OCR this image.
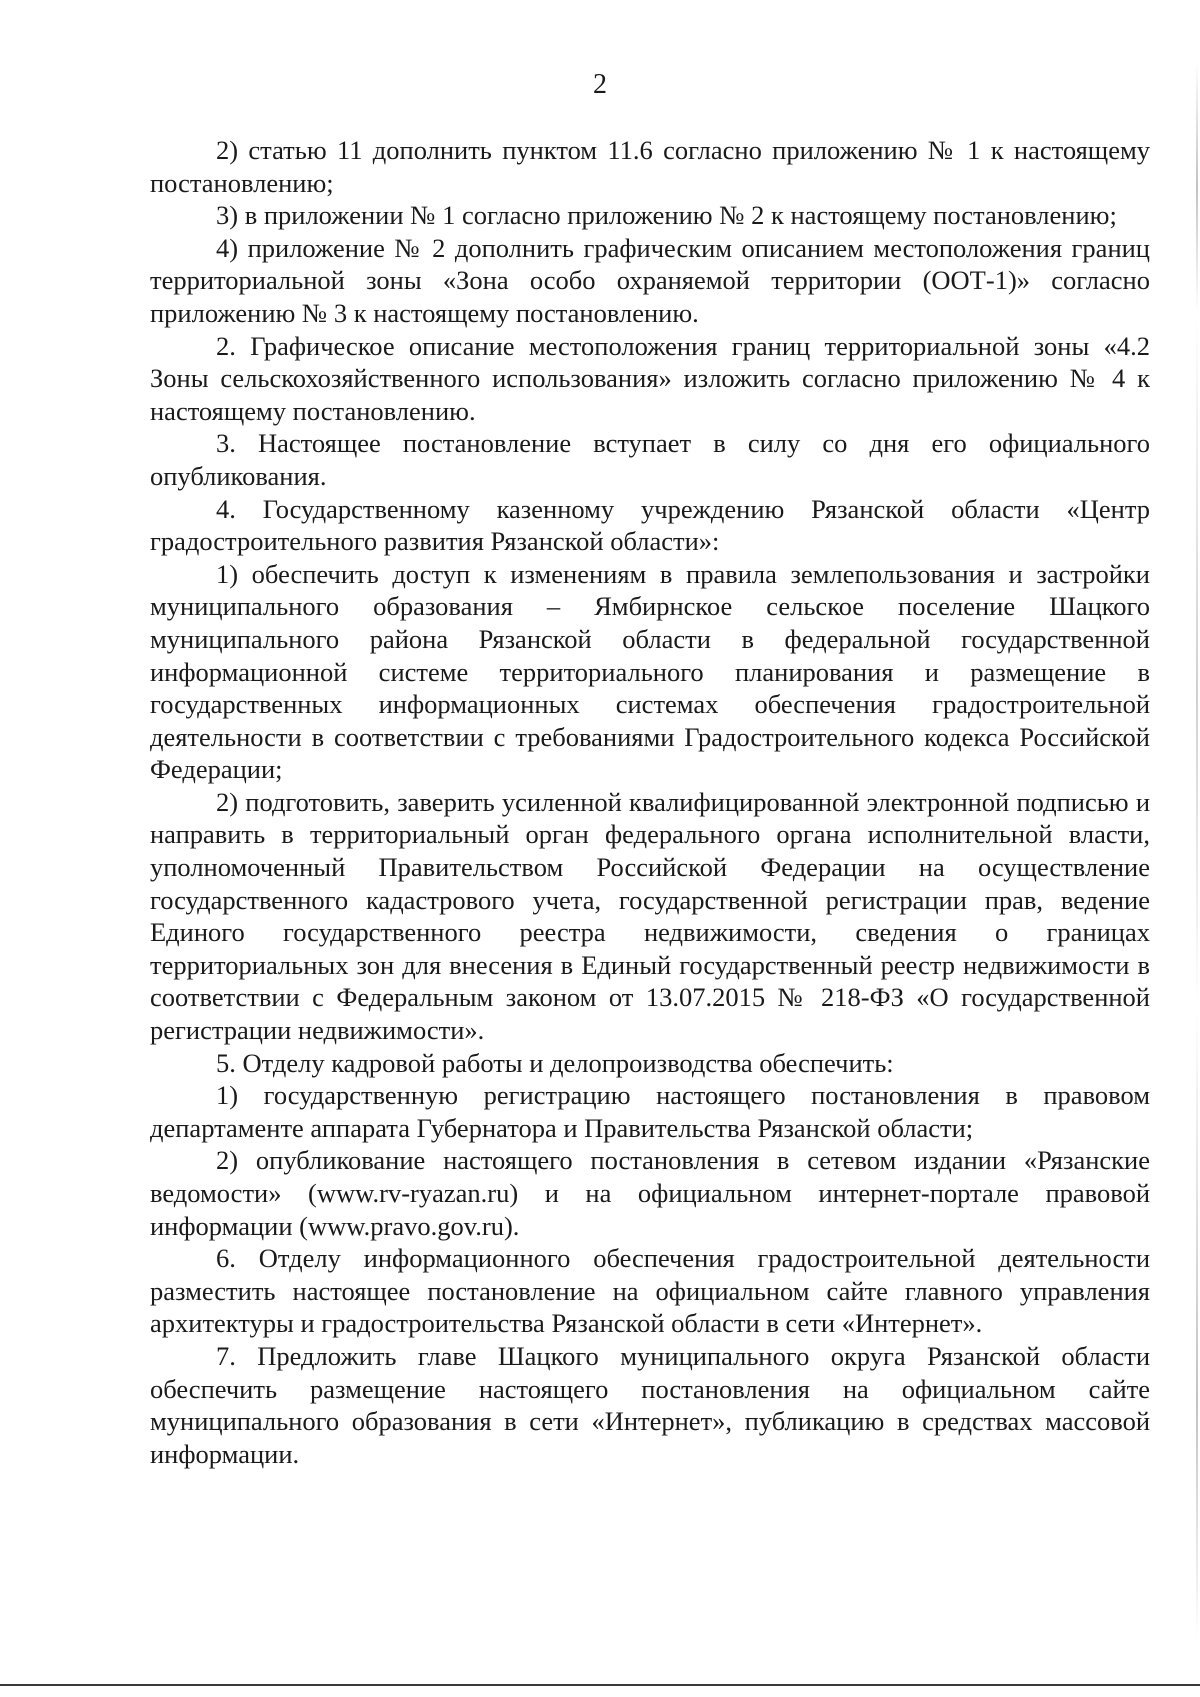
2

2) статью 11 дополнить пунктом 11.6 согласно приложению № 1 к настоящему постановлению;

3) в приложении № 1 согласно приложению № 2 к настоящему постановлению;

4) приложение № 2 дополнить графическим описанием местоположения границ территориальной зоны «Зона особо охраняемой территории (ООТ-1)» согласно приложению № 3 к настоящему постановлению.

2. Графическое описание местоположения границ территориальной зоны «4.2 Зоны сельскохозяйственного использования» изложить согласно приложению № 4 к настоящему постановлению.

3. Настоящее постановление вступает в силу со дня его официального опубликования.

4. Государственному казенному учреждению Рязанской области «Центр градостроительного развития Рязанской области»:

1) обеспечить доступ к изменениям в правила землепользования и застройки муниципального образования – Ямбирнское сельское поселение Шацкого муниципального района Рязанской области в федеральной государственной информационной системе территориального планирования и размещение в государственных информационных системах обеспечения градостроительной деятельности в соответствии с требованиями Градостроительного кодекса Российской Федерации;

2) подготовить, заверить усиленной квалифицированной электронной подписью и направить в территориальный орган федерального органа исполнительной власти, уполномоченный Правительством Российской Федерации на осуществление государственного кадастрового учета, государственной регистрации прав, ведение Единого государственного реестра недвижимости, сведения о границах территориальных зон для внесения в Единый государственный реестр недвижимости в соответствии с Федеральным законом от 13.07.2015 № 218-ФЗ «О государственной регистрации недвижимости».

5. Отделу кадровой работы и делопроизводства обеспечить:

1) государственную регистрацию настоящего постановления в правовом департаменте аппарата Губернатора и Правительства Рязанской области;

2) опубликование настоящего постановления в сетевом издании «Рязанские ведомости» (www.rv-ryazan.ru) и на официальном интернет-портале правовой информации (www.pravo.gov.ru).

6. Отделу информационного обеспечения градостроительной деятельности разместить настоящее постановление на официальном сайте главного управления архитектуры и градостроительства Рязанской области в сети «Интернет».

7. Предложить главе Шацкого муниципального округа Рязанской области обеспечить размещение настоящего постановления на официальном сайте муниципального образования в сети «Интернет», публикацию в средствах массовой информации.
